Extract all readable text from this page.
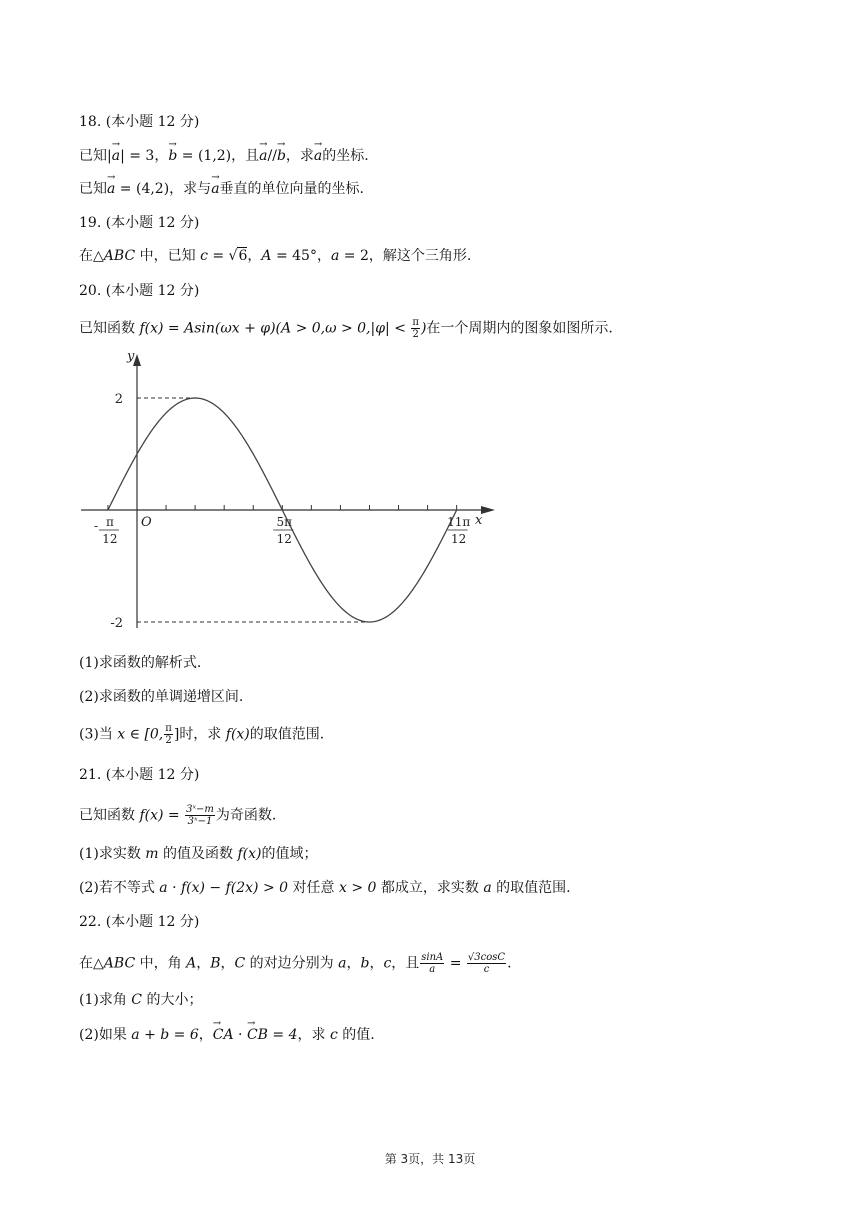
18. (本小题 12 分)
已知|→ a| = 3，→ b = (1,2)，且→ a//→ b，求→ a的坐标.
已知→ a = (4,2)，求与→ a垂直的单位向量的坐标.
19. (本小题 12 分)
在△ABC 中，已知 c = √6，A = 45°，a = 2，解这个三角形.
20. (本小题 12 分)
已知函数 $f(x) = Asin(\omega x + \varphi)(A > 0,\omega > 0,|\varphi| < \frac{\pi}{2}$ )在一个周期内的图象如图所示.
y
x
O
2
-2
- π
12
5π
12
11π
12
(1)求函数的解析式.
(2)求函数的单调递增区间.
(3)当 x ∈ [0, $\frac{\pi}{2}$ ]时，求 f(x)的取值范围.
21. (本小题 12 分)
已知函数 $f(x) = \frac{\text{3ˣ−m}}{\text{3ˣ−1}}$ 为奇函数.
(1)求实数 m 的值及函数 f(x)的值域；
(2)若不等式 a · f(x) − f(2x) > 0 对任意 x > 0 都成立，求实数 a 的取值范围.
22. (本小题 12 分)
在△ABC 中，角 A，B，C 的对边分别为 a，b，c，且 $\frac{\sin A}{a} = \frac{√3\cos C}{c}$ .
(1)求角 C 的大小；
(2)如果 a + b = 6，→ CA · → CB = 4，求 c 的值.
第 3页，共 13页
